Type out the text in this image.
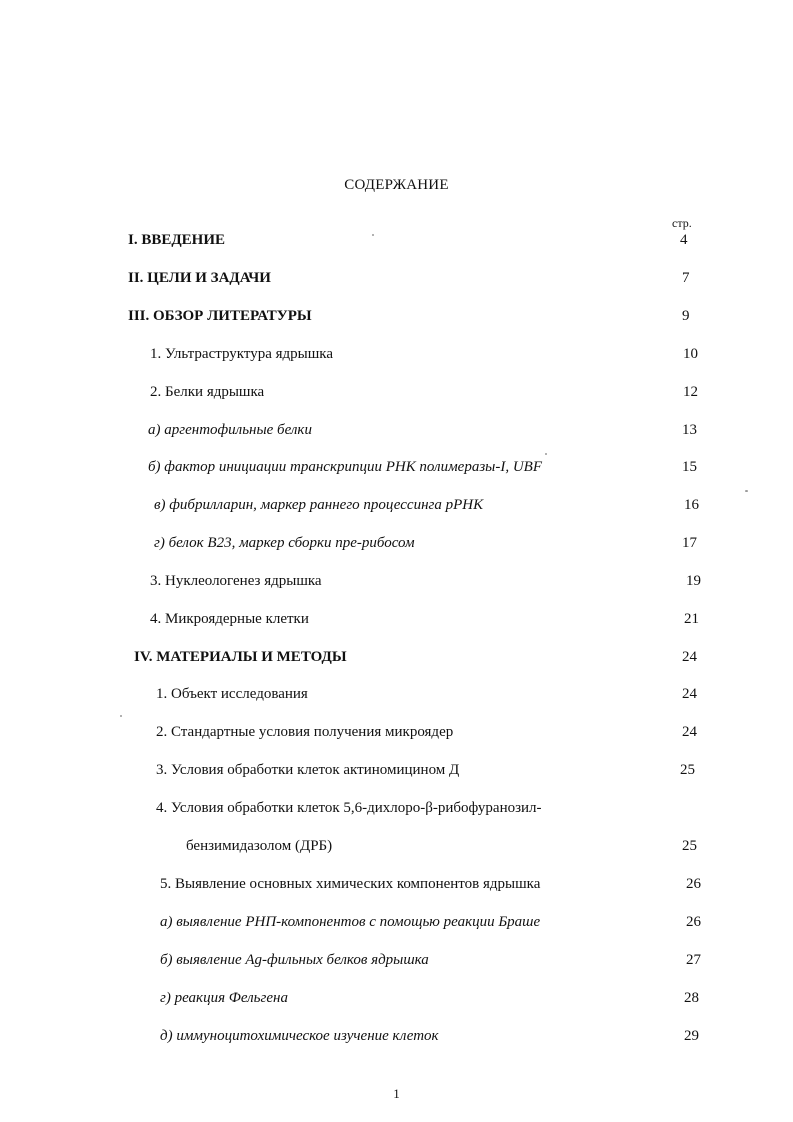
СОДЕРЖАНИЕ
стр.
I. ВВЕДЕНИЕ	4
II. ЦЕЛИ И ЗАДАЧИ	7
III. ОБЗОР ЛИТЕРАТУРЫ	9
1. Ультраструктура ядрышка	10
2. Белки ядрышка	12
а) аргентофильные белки	13
б) фактор инициации транскрипции РНК полимеразы-I, UBF	15
в) фибрилларин, маркер раннего процессинга рРНК	16
г) белок В23, маркер сборки пре-рибосом	17
3. Нуклеологенез ядрышка	19
4. Микроядерные клетки	21
IV. МАТЕРИАЛЫ И МЕТОДЫ	24
1. Объект исследования	24
2. Стандартные условия получения микроядер	24
3. Условия обработки клеток актиномицином Д	25
4. Условия обработки клеток 5,6-дихлоро-β-рибофуранозил-
бензимидазолом (ДРБ)	25
5. Выявление основных химических компонентов ядрышка	26
а) выявление РНП-компонентов с помощью реакции Браше	26
б) выявление Ag-фильных белков ядрышка	27
г) реакция Фельгена	28
д) иммуноцитохимическое изучение клеток	29
1
